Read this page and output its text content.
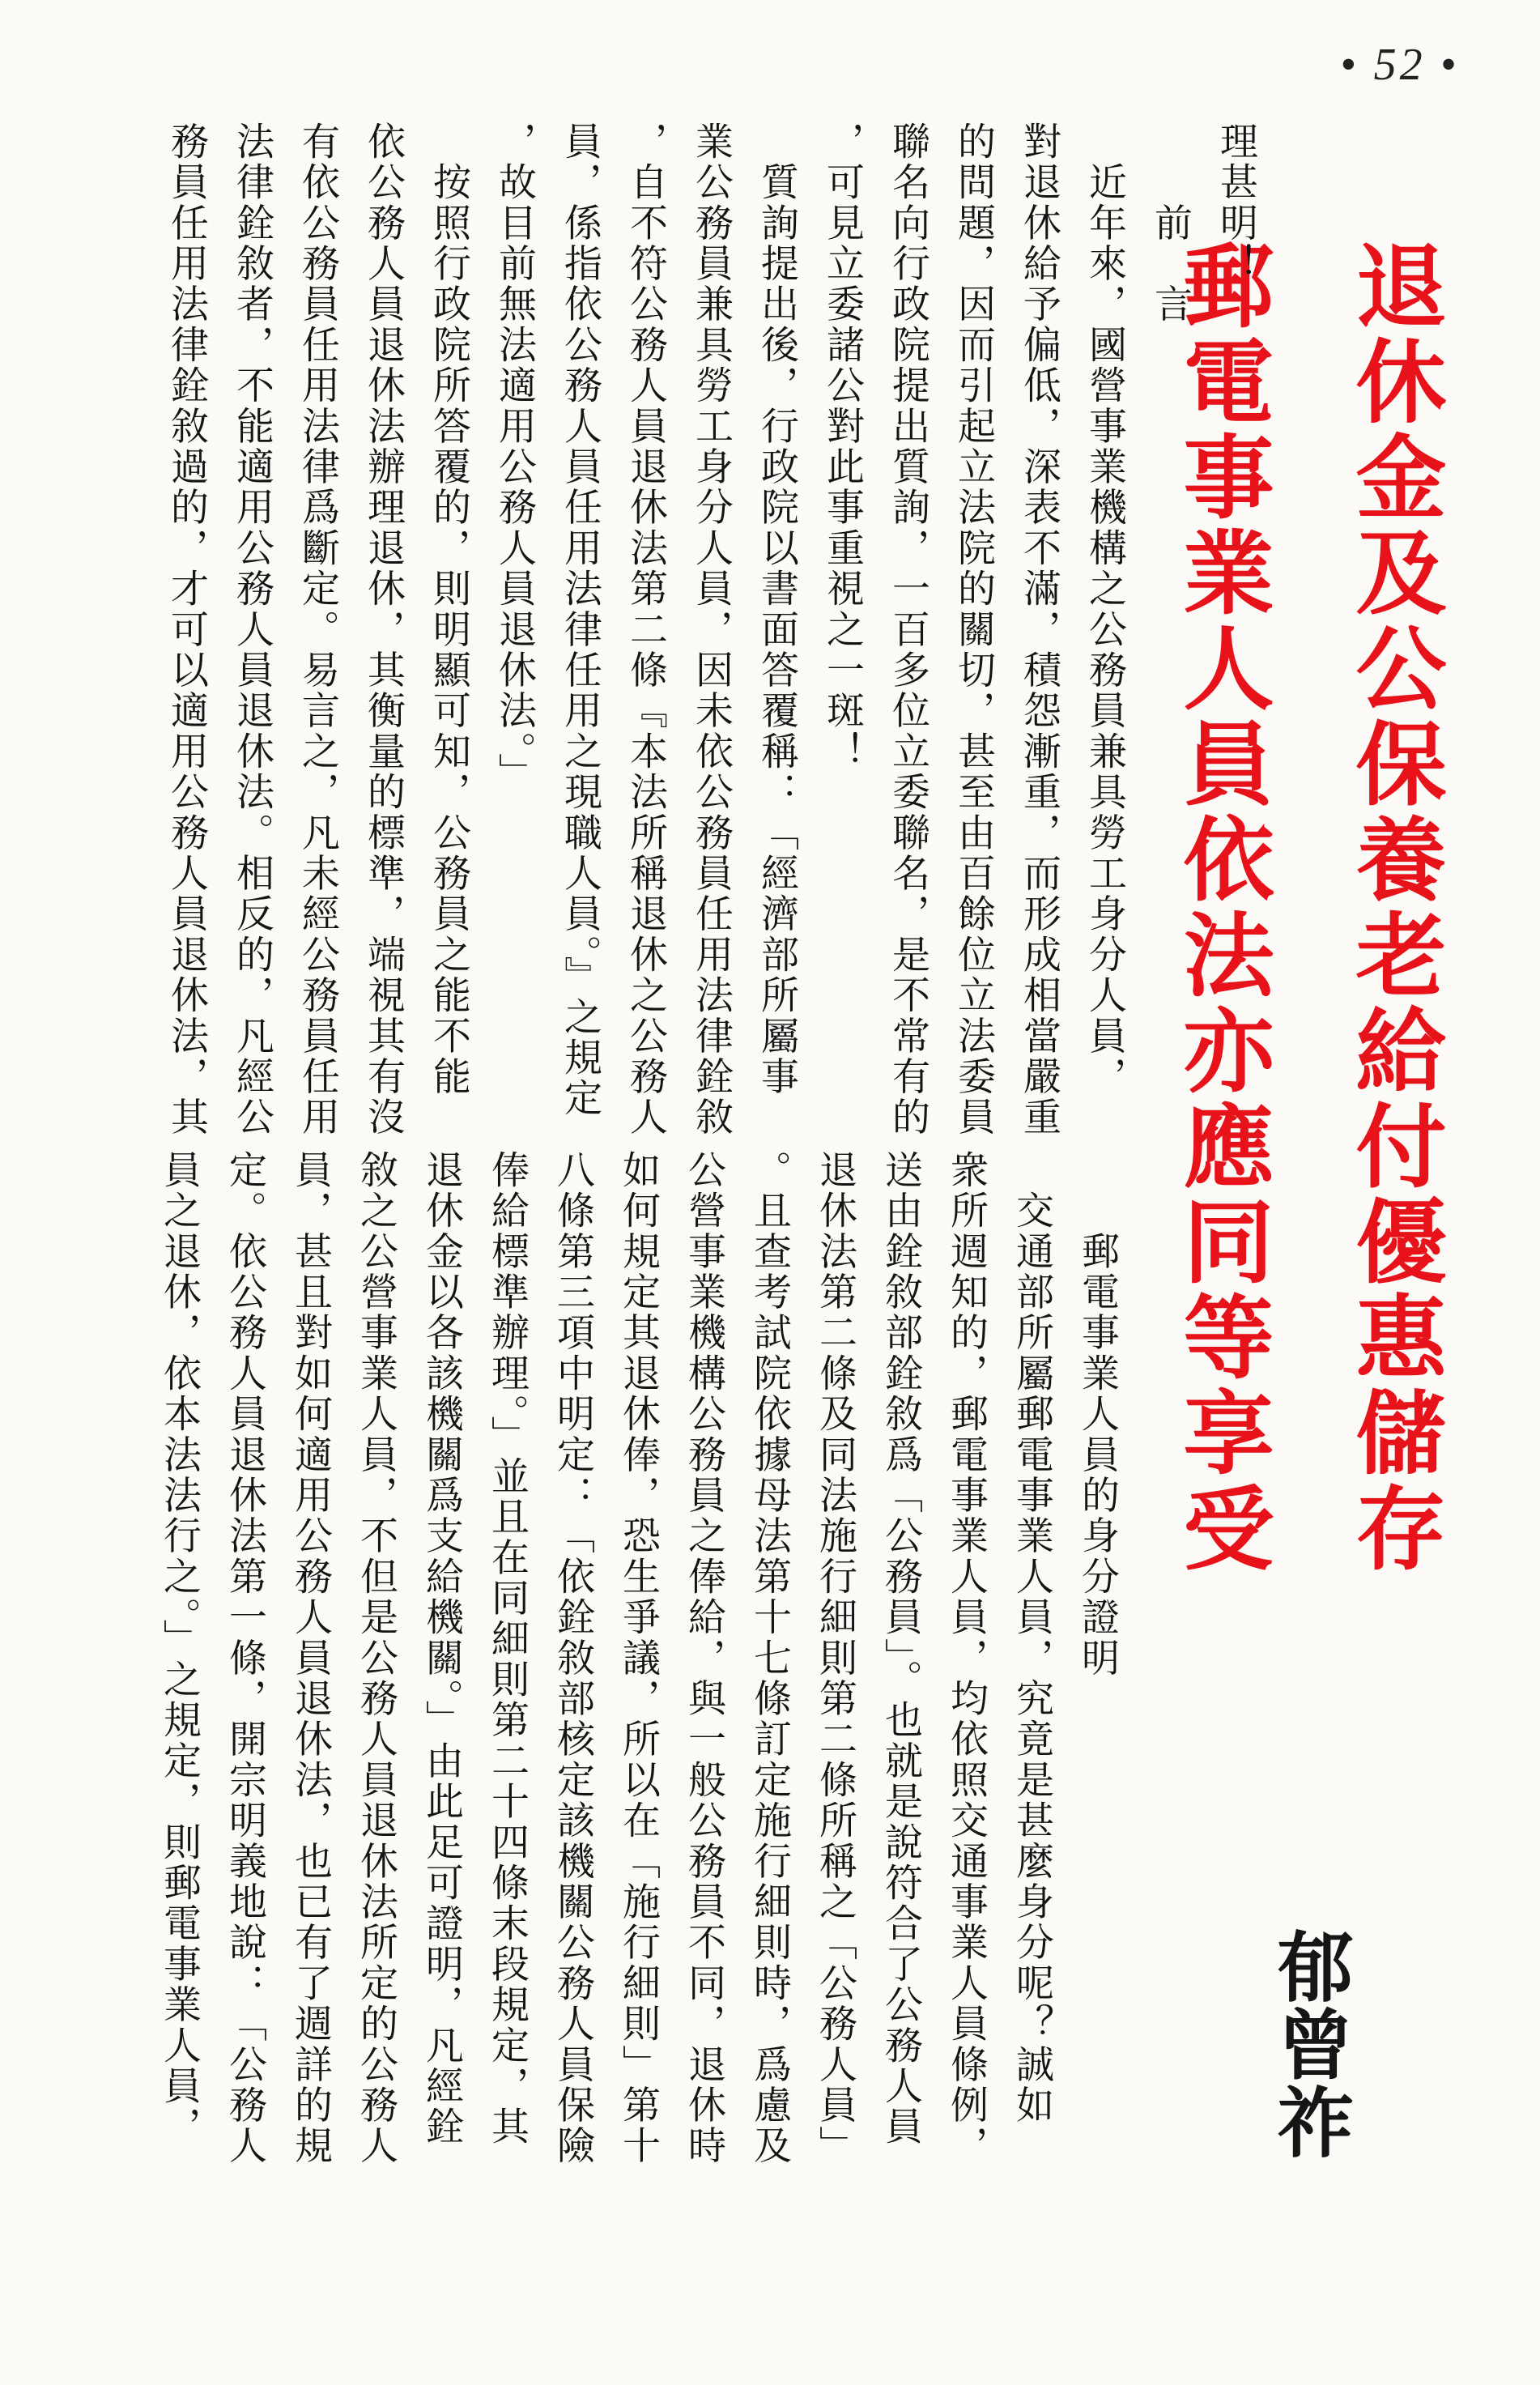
• 52 •
退休金及公保養老給付優惠儲存
郵電事業人員依法亦應同等享受
理甚明！
　　前　言
　近年來，國營事業機構之公務員兼具勞工身分人員，
對退休給予偏低，深表不滿，積怨漸重，而形成相當嚴重
的問題，因而引起立法院的關切，甚至由百餘位立法委員
聯名向行政院提出質詢，一百多位立委聯名，是不常有的
，可見立委諸公對此事重視之一斑！
　質詢提出後，行政院以書面答覆稱：「經濟部所屬事
業公務員兼具勞工身分人員，因未依公務員任用法律銓敘
，自不符公務人員退休法第二條『本法所稱退休之公務人
員，係指依公務人員任用法律任用之現職人員。』之規定
，故目前無法適用公務人員退休法。」
　按照行政院所答覆的，則明顯可知，公務員之能不能
依公務人員退休法辦理退休，其衡量的標準，端視其有沒
有依公務員任用法律爲斷定。易言之，凡未經公務員任用
法律銓敘者，不能適用公務人員退休法。相反的，凡經公
務員任用法律銓敘過的，才可以適用公務人員退休法，其
　　郵電事業人員的身分證明
　交通部所屬郵電事業人員，究竟是甚麼身分呢？誠如
衆所週知的，郵電事業人員，均依照交通事業人員條例，
送由銓敘部銓敘爲「公務員」。也就是說符合了公務人員
退休法第二條及同法施行細則第二條所稱之「公務人員」
。且查考試院依據母法第十七條訂定施行細則時，爲慮及
公營事業機構公務員之俸給，與一般公務員不同，退休時
如何規定其退休俸，恐生爭議，所以在「施行細則」第十
八條第三項中明定：「依銓敘部核定該機關公務人員保險
俸給標準辦理。」並且在同細則第二十四條末段規定，其
退休金以各該機關爲支給機關。」由此足可證明，凡經銓
敘之公營事業人員，不但是公務人員退休法所定的公務人
員，甚且對如何適用公務人員退休法，也已有了週詳的規
定。依公務人員退休法第一條，開宗明義地說：「公務人
員之退休，依本法法行之。」之規定，則郵電事業人員，	郁曾祚
